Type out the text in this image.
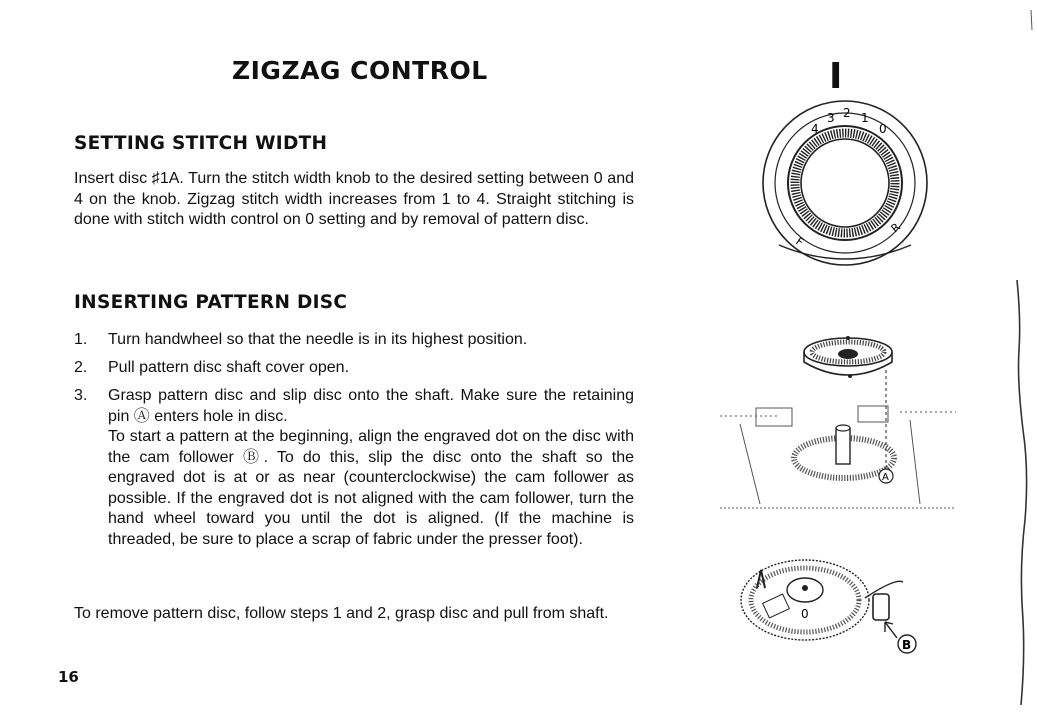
ZIGZAG CONTROL
SETTING STITCH WIDTH

Insert disc ♯1A. Turn the stitch width knob to the desired setting between 0 and 4 on the knob. Zigzag stitch width increases from 1 to 4. Straight stitching is done with stitch width control on 0 setting and by removal of pattern disc.

INSERTING PATTERN DISC
1.	Turn handwheel so that the needle is in its highest position.

2.	Pull pattern disc shaft cover open.

3.	Grasp pattern disc and slip disc onto the shaft. Make sure the retaining pin Ⓐ enters hole in disc.

To start a pattern at the beginning, align the engraved dot on the disc with the cam follower Ⓑ. To do this, slip the disc onto the shaft so the engraved dot is at or as near (counterclockwise) the cam follower as possible. If the engraved dot is not aligned with the cam follower, turn the hand wheel toward you until the dot is aligned. (If the machine is threaded, be sure to place a scrap of fabric under the presser foot).

To remove pattern disc, follow steps 1 and 2, grasp disc and pull from shaft.

16
I
4
3 2 1
0
F
R
A
0
B
